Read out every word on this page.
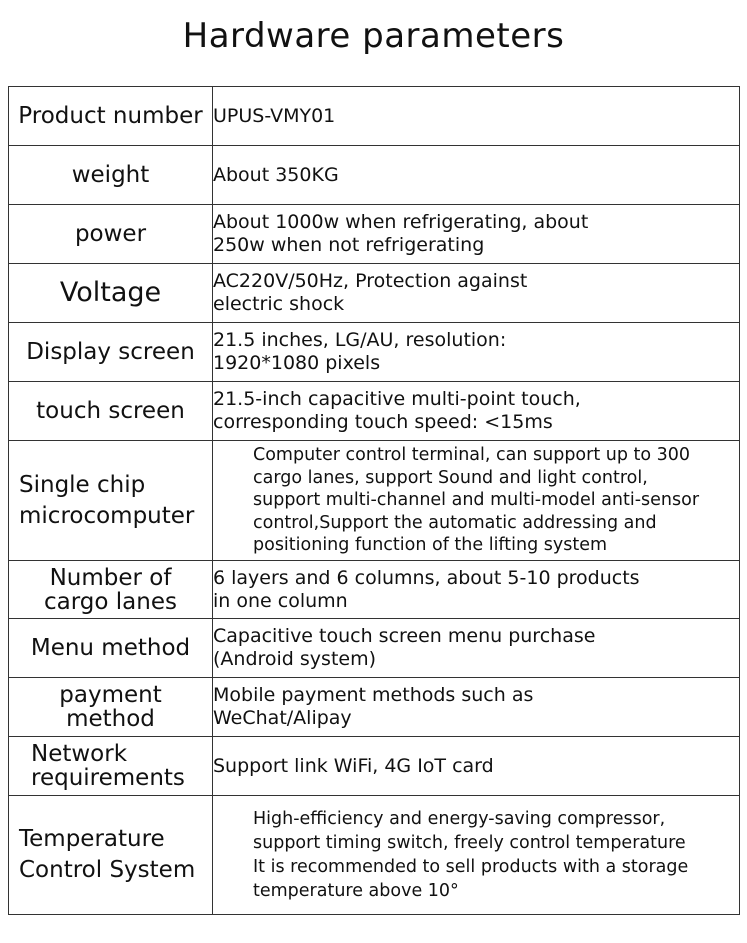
Hardware parameters
Product number	UPUS-VMY01

weight	About 350KG

power	About 1000w when refrigerating, about
250w when not refrigerating

Voltage	AC220V/50Hz, Protection against
electric shock

Display screen	21.5 inches, LG/AU, resolution:
1920*1080 pixels

touch screen	21.5-inch capacitive multi-point touch,
corresponding touch speed: <15ms

Single chip
microcomputer	Computer control terminal, can support up to 300
cargo lanes, support Sound and light control,
support multi-channel and multi-model anti-sensor
control,Support the automatic addressing and
positioning function of the lifting system

Number of
cargo lanes	6 layers and 6 columns, about 5-10 products
in one column

Menu method	Capacitive touch screen menu purchase
(Android system)

payment
method	Mobile payment methods such as
WeChat/Alipay

Network
requirements	Support link WiFi, 4G IoT card

Temperature
Control System	High-efficiency and energy-saving compressor,
support timing switch, freely control temperature
It is recommended to sell products with a storage
temperature above 10°
